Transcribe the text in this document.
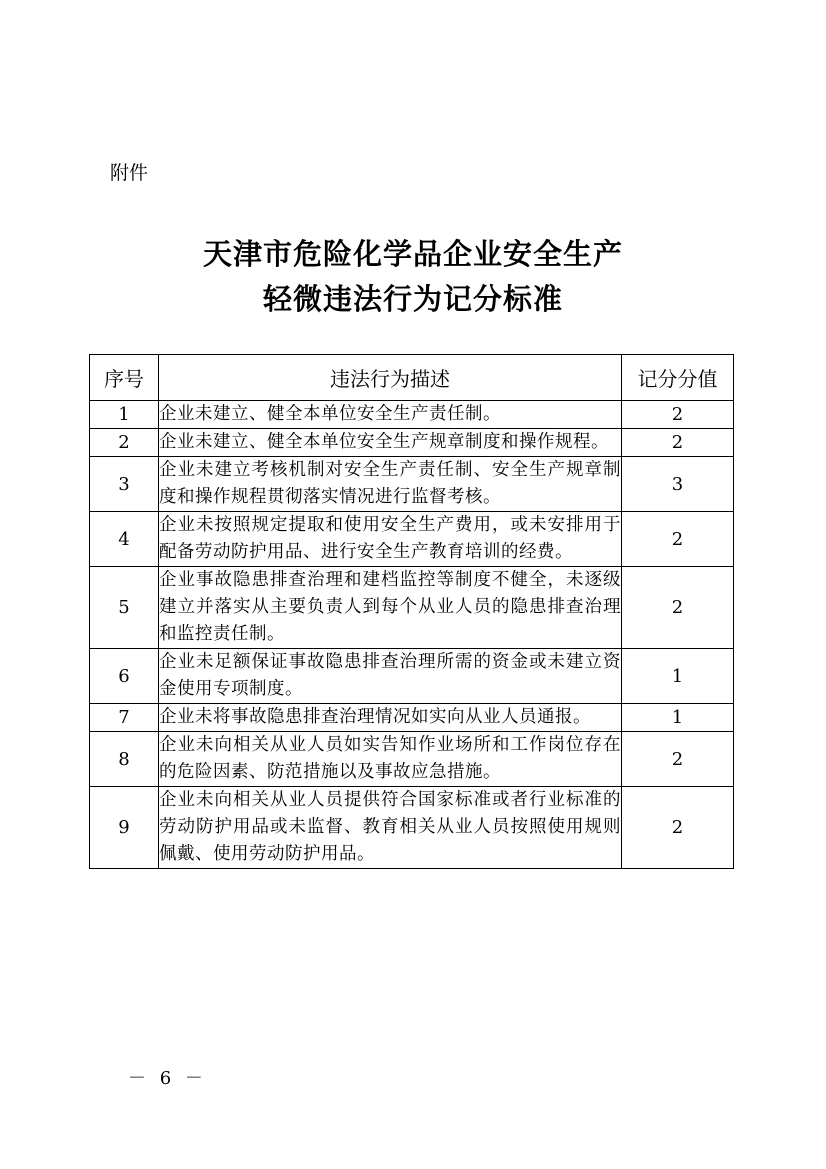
附件
天津市危险化学品企业安全生产
轻微违法行为记分标准
序号	违法行为描述	记分分值
1	企业未建立、健全本单位安全生产责任制。	2
2	企业未建立、健全本单位安全生产规章制度和操作规程。	2
3	企业未建立考核机制对安全生产责任制、安全生产规章制度和操作规程贯彻落实情况进行监督考核。	3
4	企业未按照规定提取和使用安全生产费用，或未安排用于配备劳动防护用品、进行安全生产教育培训的经费。	2
5	企业事故隐患排查治理和建档监控等制度不健全，未逐级建立并落实从主要负责人到每个从业人员的隐患排查治理和监控责任制。	2
6	企业未足额保证事故隐患排查治理所需的资金或未建立资金使用专项制度。	1
7	企业未将事故隐患排查治理情况如实向从业人员通报。	1
8	企业未向相关从业人员如实告知作业场所和工作岗位存在的危险因素、防范措施以及事故应急措施。	2
9	企业未向相关从业人员提供符合国家标准或者行业标准的劳动防护用品或未监督、教育相关从业人员按照使用规则佩戴、使用劳动防护用品。	2
－ 6 －
